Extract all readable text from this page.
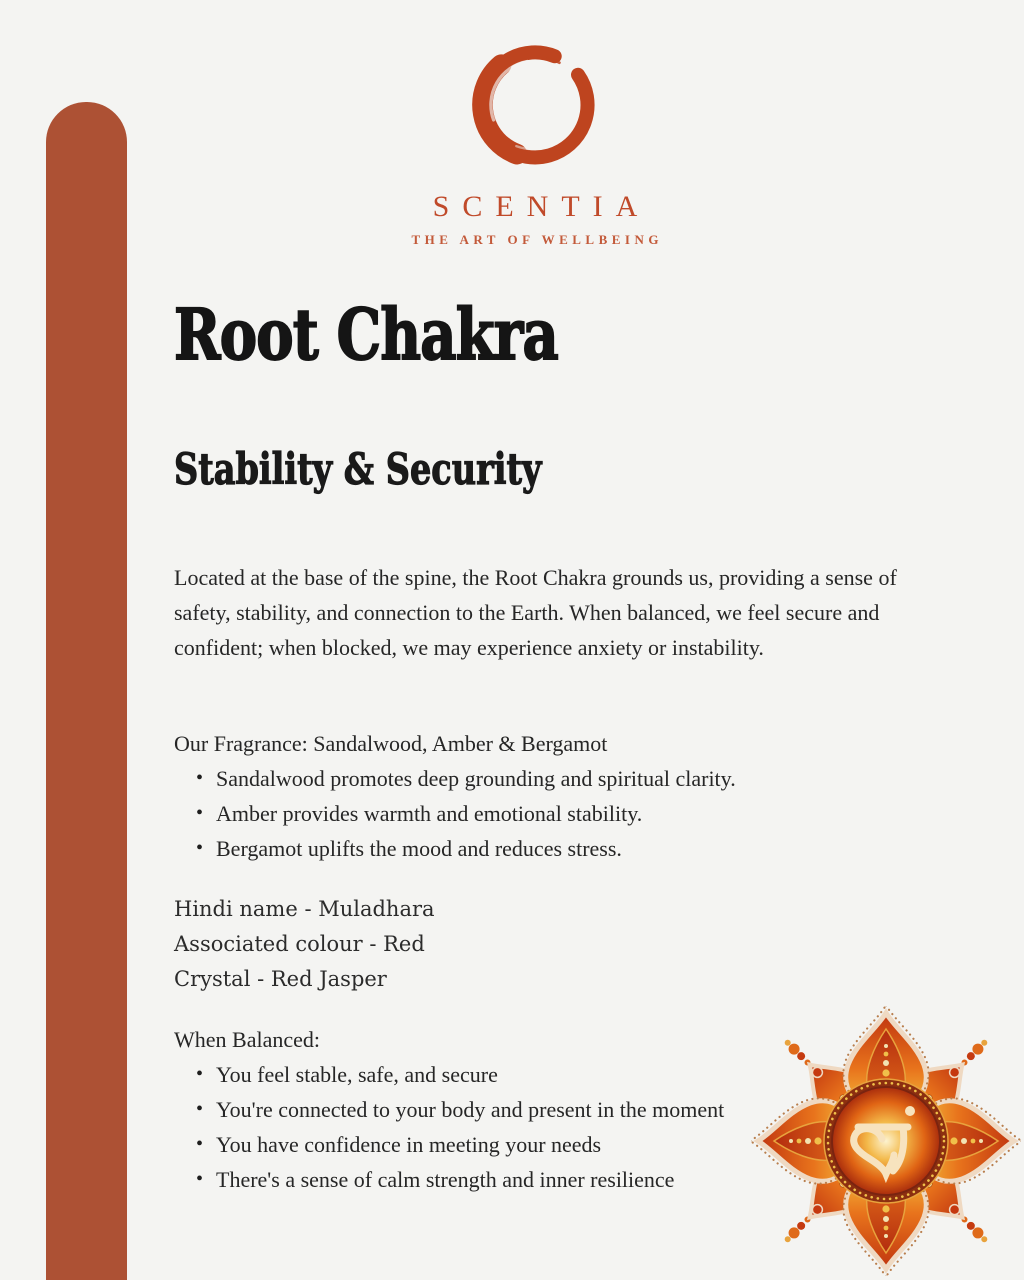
SCENTIA
THE ART OF WELLBEING
Root Chakra
Stability & Security

Located at the base of the spine, the Root Chakra grounds us, providing a sense of safety, stability, and connection to the Earth. When balanced, we feel secure and confident; when blocked, we may experience anxiety or instability.

Our Fragrance: Sandalwood, Amber & Bergamot

• Sandalwood promotes deep grounding and spiritual clarity.
• Amber provides warmth and emotional stability.
• Bergamot uplifts the mood and reduces stress.
Hindi name - Muladhara
Associated colour - Red
Crystal - Red Jasper

When Balanced:

• You feel stable, safe, and secure
• You're connected to your body and present in the moment
• You have confidence in meeting your needs
• There's a sense of calm strength and inner resilience
